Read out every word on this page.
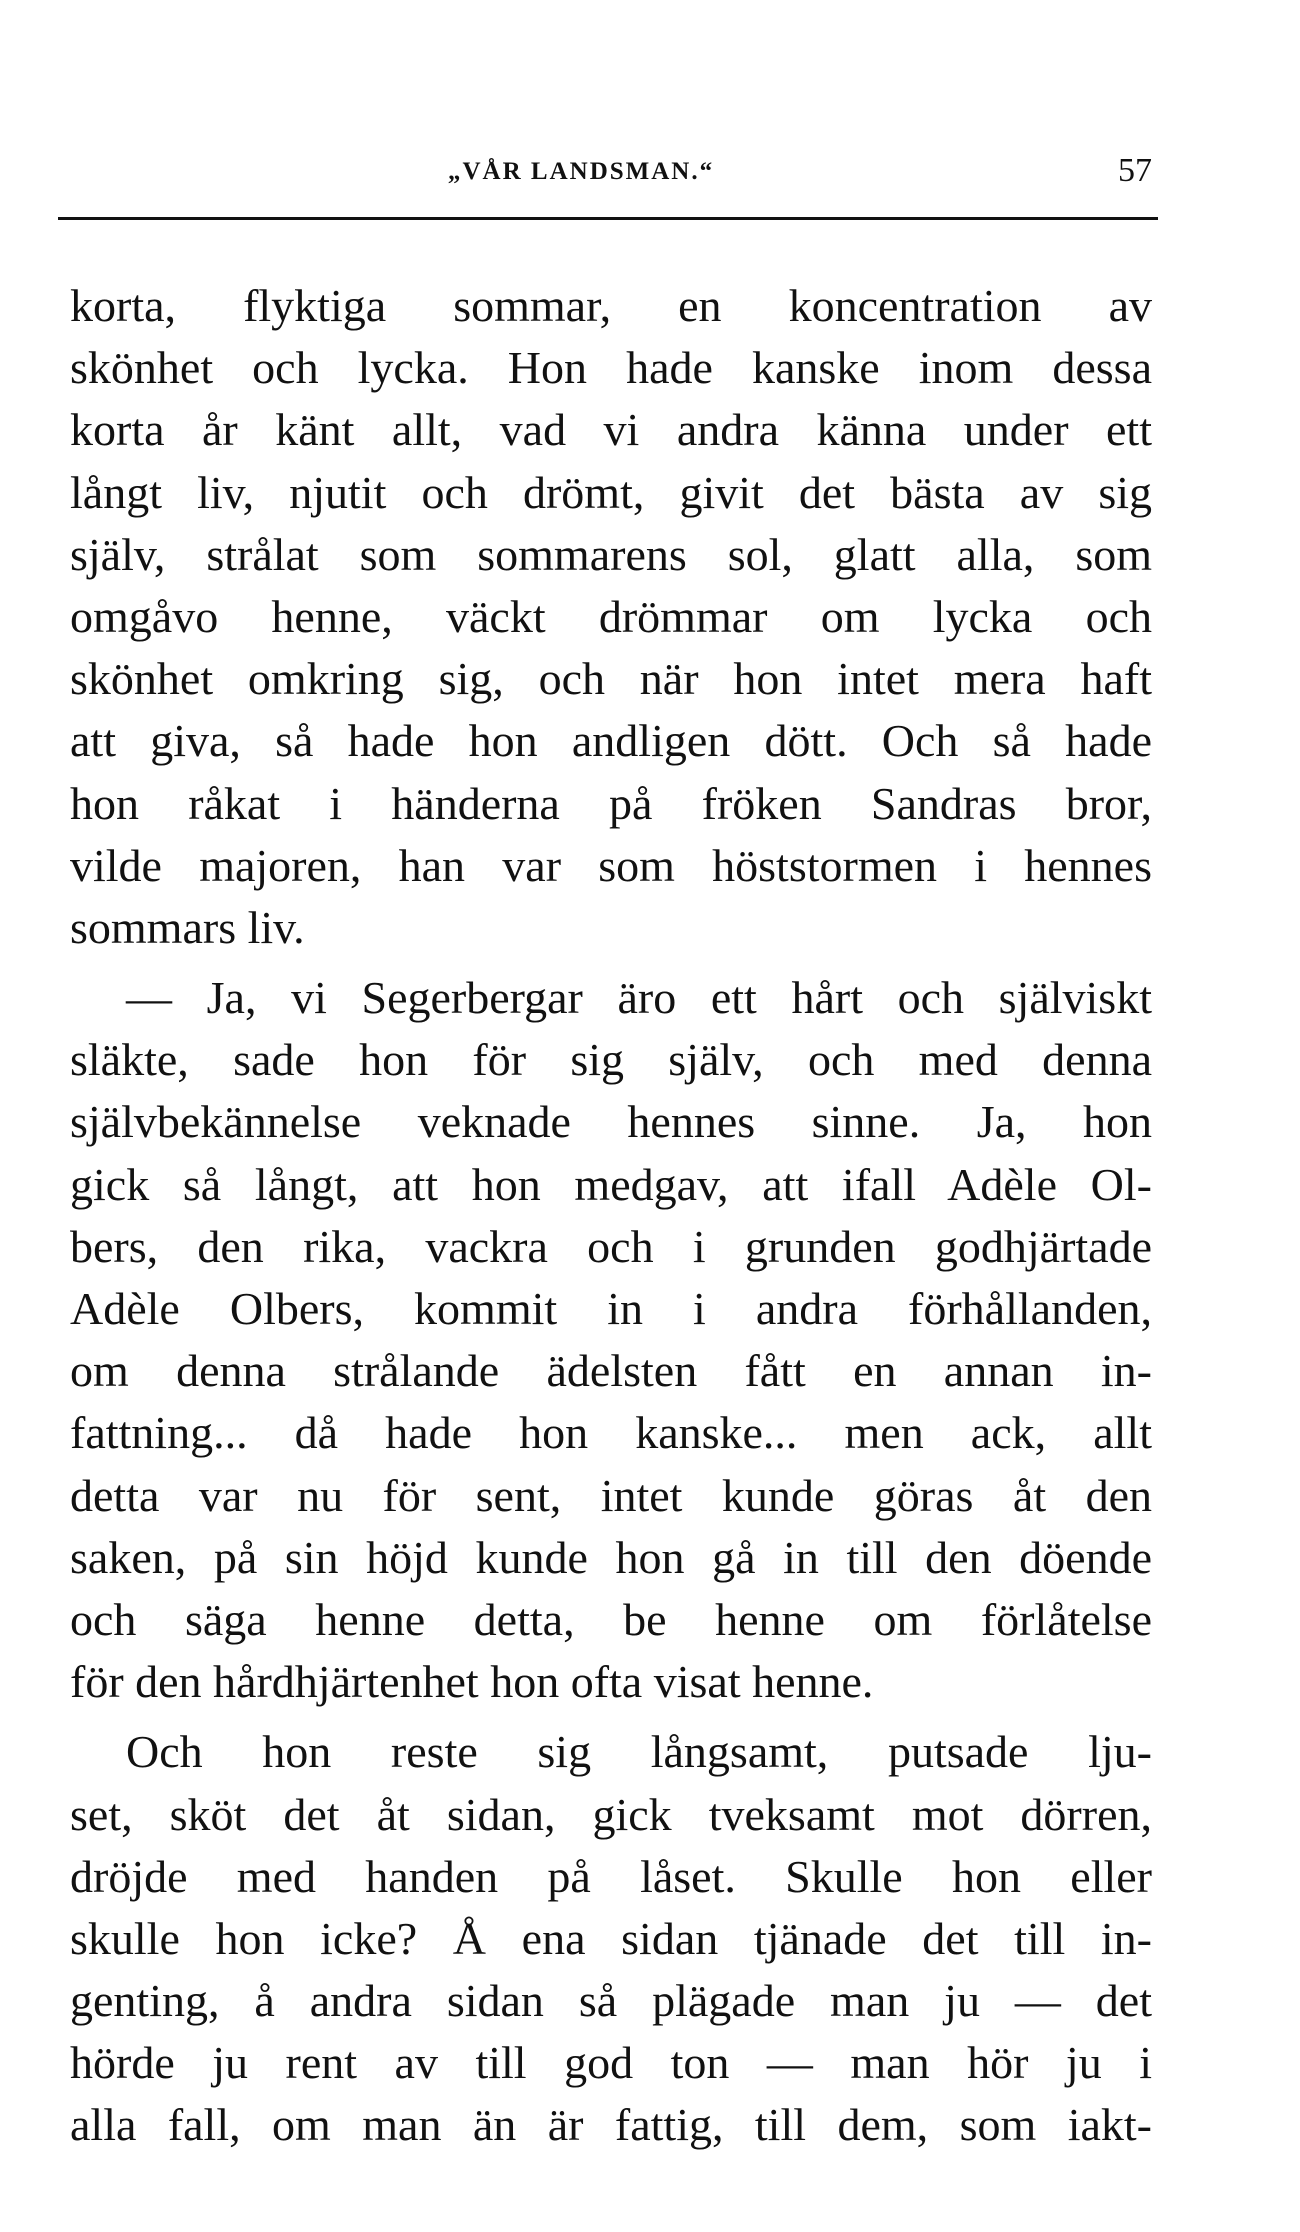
„VÅR LANDSMAN.“	57
korta, flyktiga sommar, en koncentration av
skönhet och lycka. Hon hade kanske inom dessa
korta år känt allt, vad vi andra känna under ett
långt liv, njutit och drömt, givit det bästa av sig
själv, strålat som sommarens sol, glatt alla, som
omgåvo henne, väckt drömmar om lycka och
skönhet omkring sig, och när hon intet mera haft
att giva, så hade hon andligen dött. Och så hade
hon råkat i händerna på fröken Sandras bror,
vilde majoren, han var som höststormen i hennes
sommars liv.
— Ja, vi Segerbergar äro ett hårt och själviskt
släkte, sade hon för sig själv, och med denna
självbekännelse veknade hennes sinne. Ja, hon
gick så långt, att hon medgav, att ifall Adèle Ol-
bers, den rika, vackra och i grunden godhjärtade
Adèle Olbers, kommit in i andra förhållanden,
om denna strålande ädelsten fått en annan in-
fattning... då hade hon kanske... men ack, allt
detta var nu för sent, intet kunde göras åt den
saken, på sin höjd kunde hon gå in till den döende
och säga henne detta, be henne om förlåtelse
för den hårdhjärtenhet hon ofta visat henne.
Och hon reste sig långsamt, putsade lju-
set, sköt det åt sidan, gick tveksamt mot dörren,
dröjde med handen på låset. Skulle hon eller
skulle hon icke? Å ena sidan tjänade det till in-
genting, å andra sidan så plägade man ju — det
hörde ju rent av till god ton — man hör ju i
alla fall, om man än är fattig, till dem, som iakt-
